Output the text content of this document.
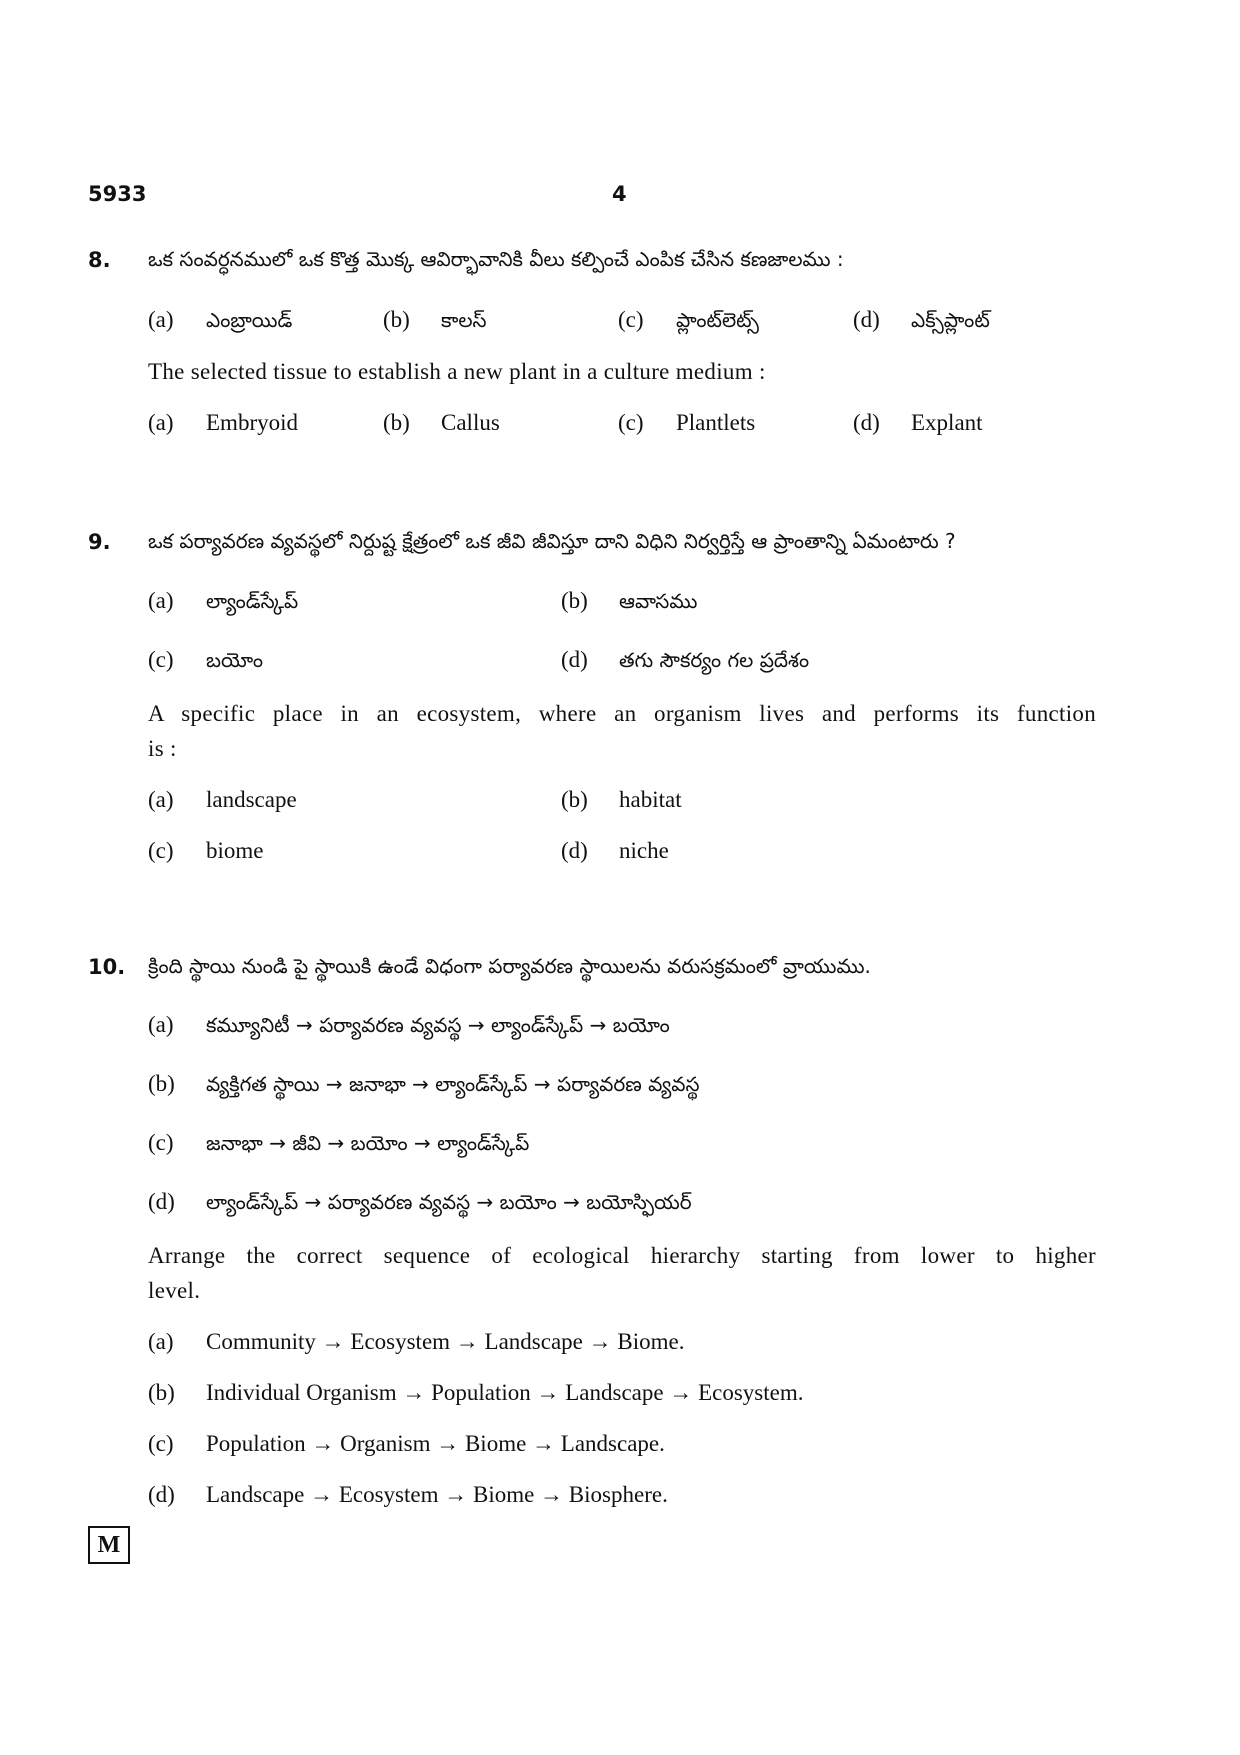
5933	4
8. ఒక సంవర్ధనములో ఒక కొత్త మొక్క ఆవిర్భావానికి వీలు కల్పించే ఎంపిక చేసిన కణజాలము :
(a) ఎంబ్రాయిడ్	(b) కాలస్	(c) ప్లాంట్‌లెట్స్	(d) ఎక్స్‌ప్లాంట్
The selected tissue to establish a new plant in a culture medium :
(a) Embryoid	(b) Callus	(c) Plantlets	(d) Explant
9. ఒక పర్యావరణ వ్యవస్థలో నిర్దుష్ట క్షేత్రంలో ఒక జీవి జీవిస్తూ దాని విధిని నిర్వర్తిస్తే ఆ ప్రాంతాన్ని ఏమంటారు ?
(a) ల్యాండ్‌స్కేప్	(b) ఆవాసము
(c) బయోం	(d) తగు సౌకర్యం గల ప్రదేశం
A specific place in an ecosystem, where an organism lives and performs its function
is :
(a) landscape	(b) habitat
(c) biome	(d) niche
10. క్రింది స్థాయి నుండి పై స్థాయికి ఉండే విధంగా పర్యావరణ స్థాయిలను వరుసక్రమంలో వ్రాయుము.
(a) కమ్యూనిటీ → పర్యావరణ వ్యవస్థ → ల్యాండ్‌స్కేప్ → బయోం
(b) వ్యక్తిగత స్థాయి → జనాభా → ల్యాండ్‌స్కేప్ → పర్యావరణ వ్యవస్థ
(c) జనాభా → జీవి → బయోం → ల్యాండ్‌స్కేప్
(d) ల్యాండ్‌స్కేప్ → పర్యావరణ వ్యవస్థ → బయోం → బయోస్ఫియర్
Arrange the correct sequence of ecological hierarchy starting from lower to higher
level.
(a) Community → Ecosystem → Landscape → Biome.
(b) Individual Organism → Population → Landscape → Ecosystem.
(c) Population → Organism → Biome → Landscape.
(d) Landscape → Ecosystem → Biome → Biosphere.
M
